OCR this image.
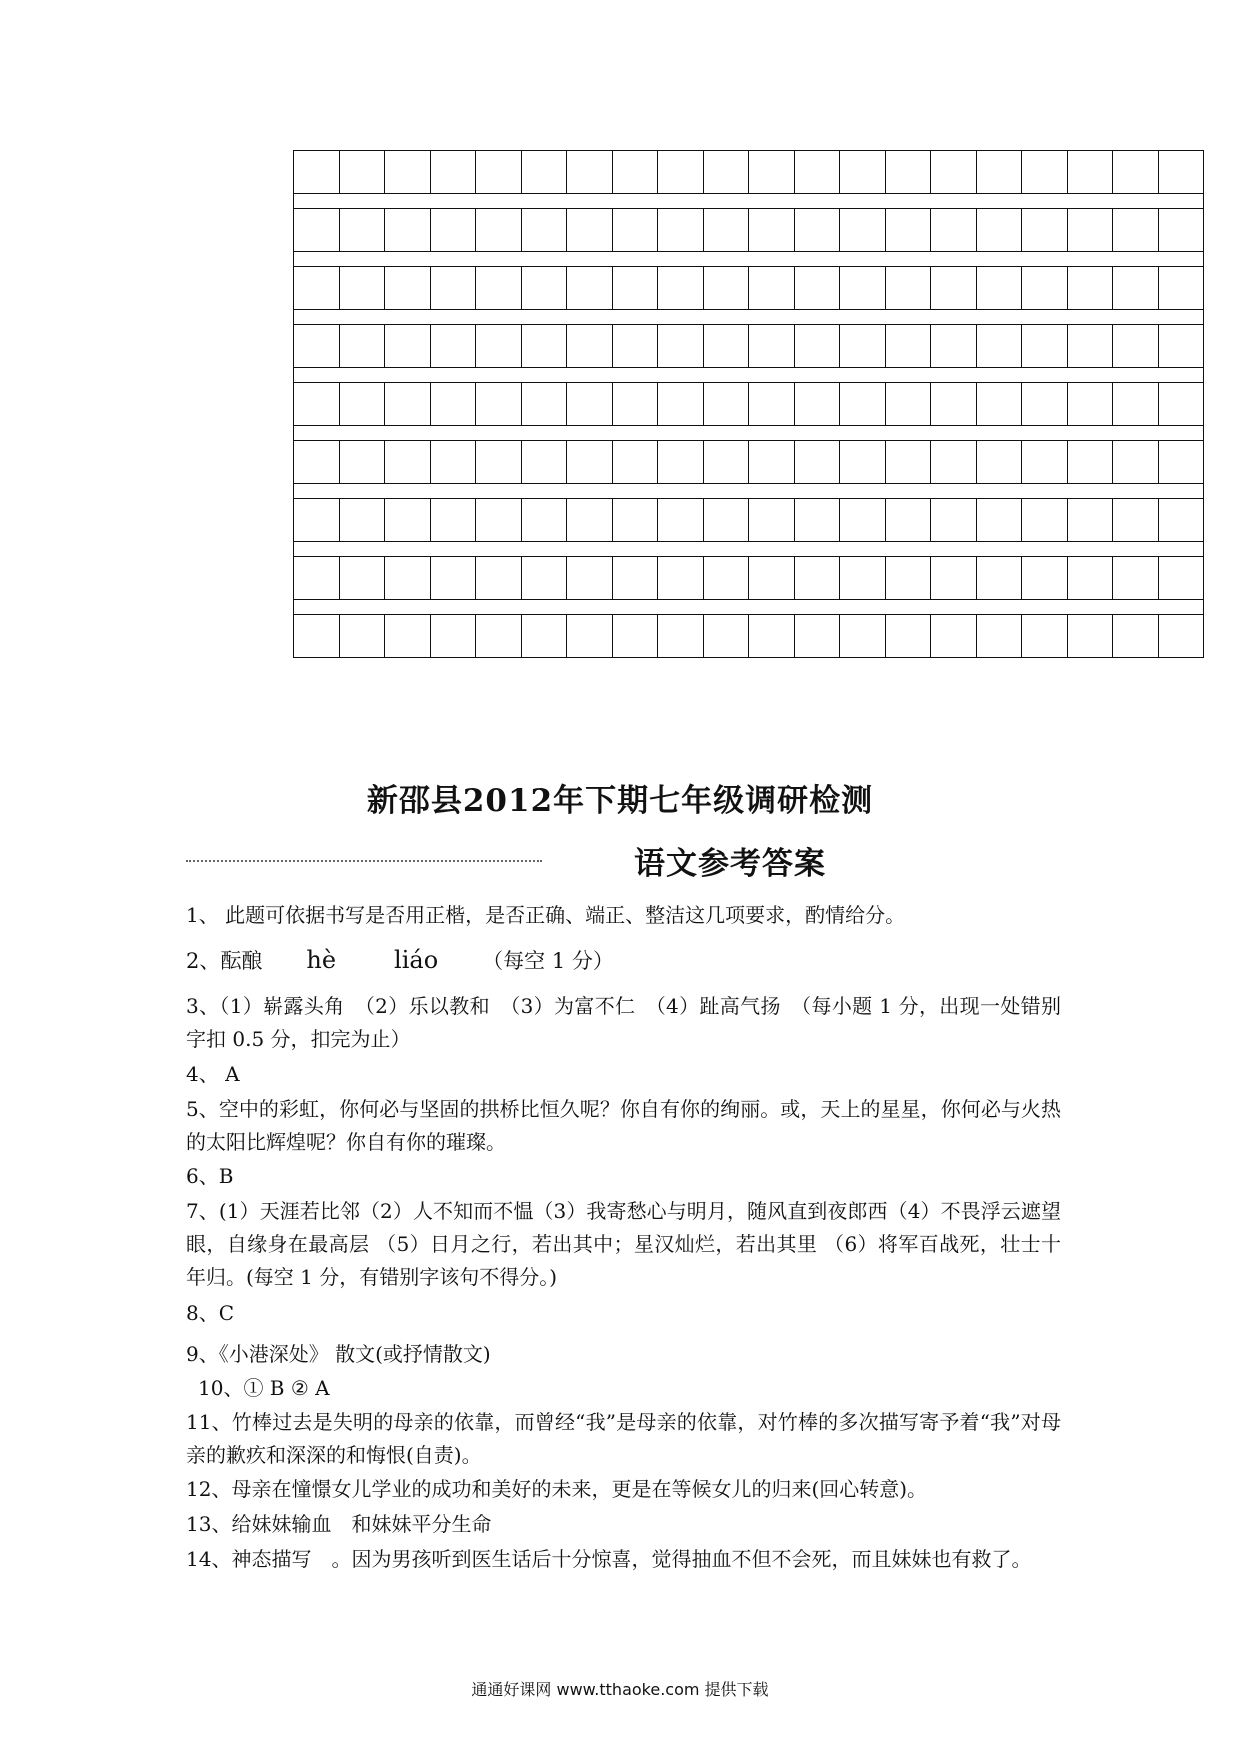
新邵县2012年下期七年级调研检测
语文参考答案

1、 此题可依据书写是否用正楷，是否正确、端正、整洁这几项要求，酌情给分。

2、酝酿 hè liáo （每空 1 分）

3、（1）崭露头角　（2）乐以教和　（3）为富不仁　（4）趾高气扬　（每小题 1 分，出现一处错别字扣 0.5 分，扣完为止）

4、 A

5、空中的彩虹，你何必与坚固的拱桥比恒久呢？你自有你的绚丽。或，天上的星星，你何必与火热的太阳比辉煌呢？你自有你的璀璨。

6、B

7、(1）天涯若比邻（2）人不知而不愠（3）我寄愁心与明月，随风直到夜郎西（4）不畏浮云遮望眼，自缘身在最高层 （5）日月之行，若出其中；星汉灿烂，若出其里 （6）将军百战死，壮士十年归。(每空 1 分，有错别字该句不得分。)

8、C

9、《小港深处》 散文(或抒情散文)

10、① B ② A

11、竹棒过去是失明的母亲的依靠，而曾经“我”是母亲的依靠，对竹棒的多次描写寄予着“我”对母亲的歉疚和深深的和悔恨(自责)。

12、母亲在憧憬女儿学业的成功和美好的未来，更是在等候女儿的归来(回心转意)。

13、给妹妹输血　和妹妹平分生命

14、神态描写　。因为男孩听到医生话后十分惊喜，觉得抽血不但不会死，而且妹妹也有救了。

通通好课网 www.tthaoke.com 提供下载
